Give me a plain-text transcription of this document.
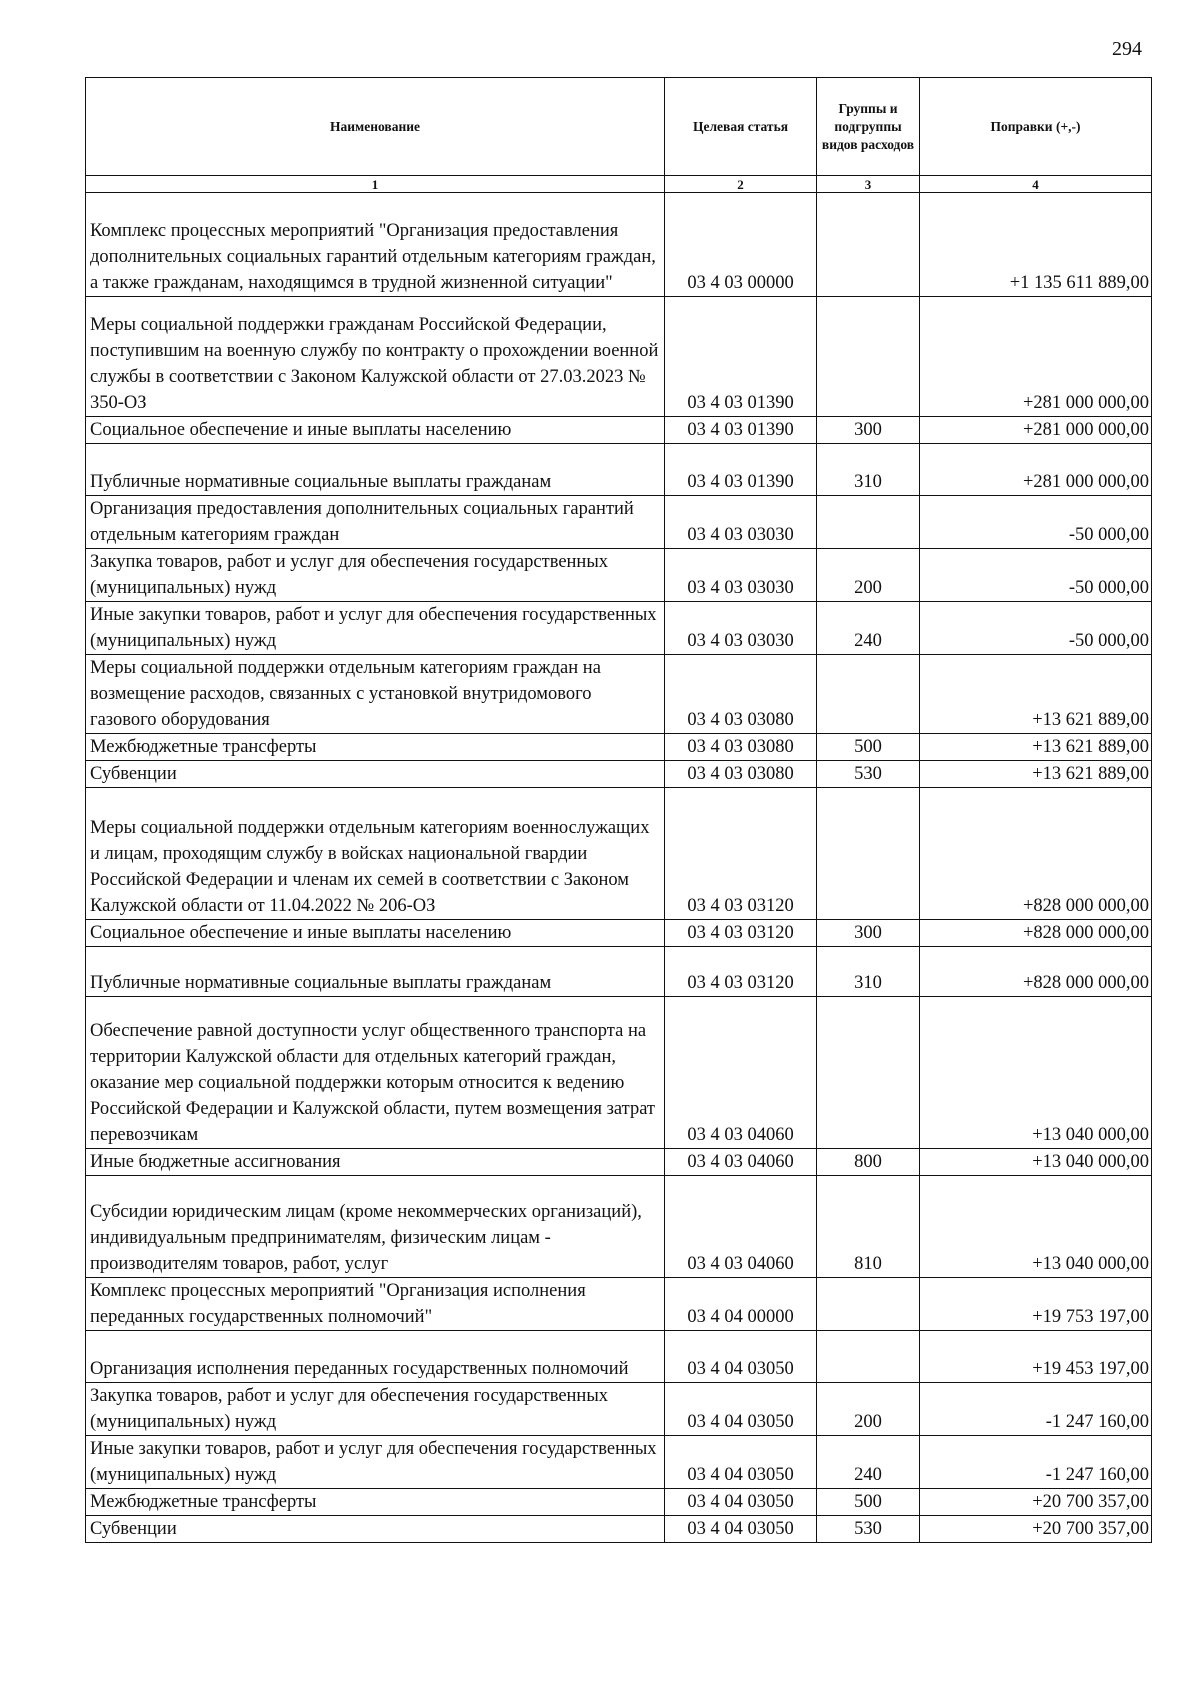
294
Наименование	Целевая статья	Группы и подгруппы видов расходов	Поправки (+,-)
1	2	3	4
Комплекс процессных мероприятий "Организация предоставления дополнительных социальных гарантий отдельным категориям граждан, а также гражданам, находящимся в трудной жизненной ситуации"	03 4 03 00000		+1 135 611 889,00
Меры социальной поддержки гражданам Российской Федерации, поступившим на военную службу по контракту о прохождении военной службы в соответствии с Законом Калужской области от 27.03.2023 № 350-ОЗ	03 4 03 01390		+281 000 000,00
Социальное обеспечение и иные выплаты населению	03 4 03 01390	300	+281 000 000,00
Публичные нормативные социальные выплаты гражданам	03 4 03 01390	310	+281 000 000,00
Организация предоставления дополнительных социальных гарантий отдельным категориям граждан	03 4 03 03030		-50 000,00
Закупка товаров, работ и услуг для обеспечения государственных (муниципальных) нужд	03 4 03 03030	200	-50 000,00
Иные закупки товаров, работ и услуг для обеспечения государственных (муниципальных) нужд	03 4 03 03030	240	-50 000,00
Меры социальной поддержки отдельным категориям граждан на возмещение расходов, связанных с установкой внутридомового газового оборудования	03 4 03 03080		+13 621 889,00
Межбюджетные трансферты	03 4 03 03080	500	+13 621 889,00
Субвенции	03 4 03 03080	530	+13 621 889,00
Меры социальной поддержки отдельным категориям военнослужащих и лицам, проходящим службу в войсках национальной гвардии Российской Федерации и членам их семей в соответствии с Законом Калужской области от 11.04.2022 № 206-ОЗ	03 4 03 03120		+828 000 000,00
Социальное обеспечение и иные выплаты населению	03 4 03 03120	300	+828 000 000,00
Публичные нормативные социальные выплаты гражданам	03 4 03 03120	310	+828 000 000,00
Обеспечение равной доступности услуг общественного транспорта на территории Калужской области для отдельных категорий граждан, оказание мер социальной поддержки которым относится к ведению Российской Федерации и Калужской области, путем возмещения затрат перевозчикам	03 4 03 04060		+13 040 000,00
Иные бюджетные ассигнования	03 4 03 04060	800	+13 040 000,00
Субсидии юридическим лицам (кроме некоммерческих организаций), индивидуальным предпринимателям, физическим лицам - производителям товаров, работ, услуг	03 4 03 04060	810	+13 040 000,00
Комплекс процессных мероприятий "Организация исполнения переданных государственных полномочий"	03 4 04 00000		+19 753 197,00
Организация исполнения переданных государственных полномочий	03 4 04 03050		+19 453 197,00
Закупка товаров, работ и услуг для обеспечения государственных (муниципальных) нужд	03 4 04 03050	200	-1 247 160,00
Иные закупки товаров, работ и услуг для обеспечения государственных (муниципальных) нужд	03 4 04 03050	240	-1 247 160,00
Межбюджетные трансферты	03 4 04 03050	500	+20 700 357,00
Субвенции	03 4 04 03050	530	+20 700 357,00
